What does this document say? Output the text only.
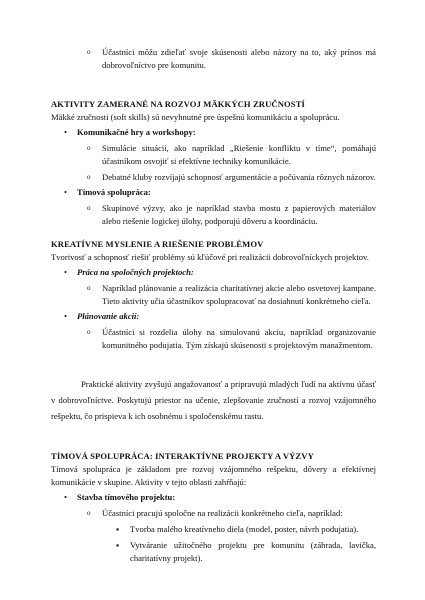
o	Účastníci môžu zdieľať svoje skúsenosti alebo názory na to, aký prínos má dobrovoľníctvo pre komunitu.

AKTIVITY ZAMERANÉ NA ROZVOJ MÄKKÝCH ZRUČNOSTÍ

Mäkké zručnosti (soft skills) sú nevyhnutné pre úspešnú komunikáciu a spoluprácu.

•	Komunikačné hry a workshopy:
o	Simulácie situácií, ako napríklad „Riešenie konfliktu v tíme“, pomáhajú účastníkom osvojiť si efektívne techniky komunikácie.
o	Debatné kluby rozvíjajú schopnosť argumentácie a počúvania rôznych názorov.
•	Tímová spolupráca:
o	Skupinové výzvy, ako je napríklad stavba mostu z papierových materiálov alebo riešenie logickej úlohy, podporujú dôveru a koordináciu.

KREATÍVNE MYSLENIE A RIEŠENIE PROBLÉMOV

Tvorivosť a schopnosť riešiť problémy sú kľúčové pri realizácii dobrovoľníckych projektov.

•	Práca na spoločných projektoch:
o	Napríklad plánovanie a realizácia charitatívnej akcie alebo osvetovej kampane. Tieto aktivity učia účastníkov spolupracovať na dosiahnutí konkrétneho cieľa.
•	Plánovanie akcií:
o	Účastníci si rozdelia úlohy na simulovanú akciu, napríklad organizovanie komunitného podujatia. Tým získajú skúsenosti s projektovým manažmentom.

Praktické aktivity zvyšujú angažovanosť a pripravujú mladých ľudí na aktívnu účasť v dobrovoľníctve. Poskytujú priestor na učenie, zlepšovanie zručností a rozvoj vzájomného rešpektu, čo prispieva k ich osobnému i spoločenskému rastu.

TÍMOVÁ SPOLUPRÁCA: INTERAKTÍVNE PROJEKTY A VÝZVY

Tímová spolupráca je základom pre rozvoj vzájomného rešpektu, dôvery a efektívnej komunikácie v skupine. Aktivity v tejto oblasti zahŕňajú:

•	Stavba tímového projektu:
o	Účastníci pracujú spoločne na realizácii konkrétneho cieľa, napríklad:
▪	Tvorba malého kreatívneho diela (model, poster, návrh podujatia).
▪	Vytváranie užitočného projektu pre komunitu (záhrada, lavička, charitatívny projekt).
